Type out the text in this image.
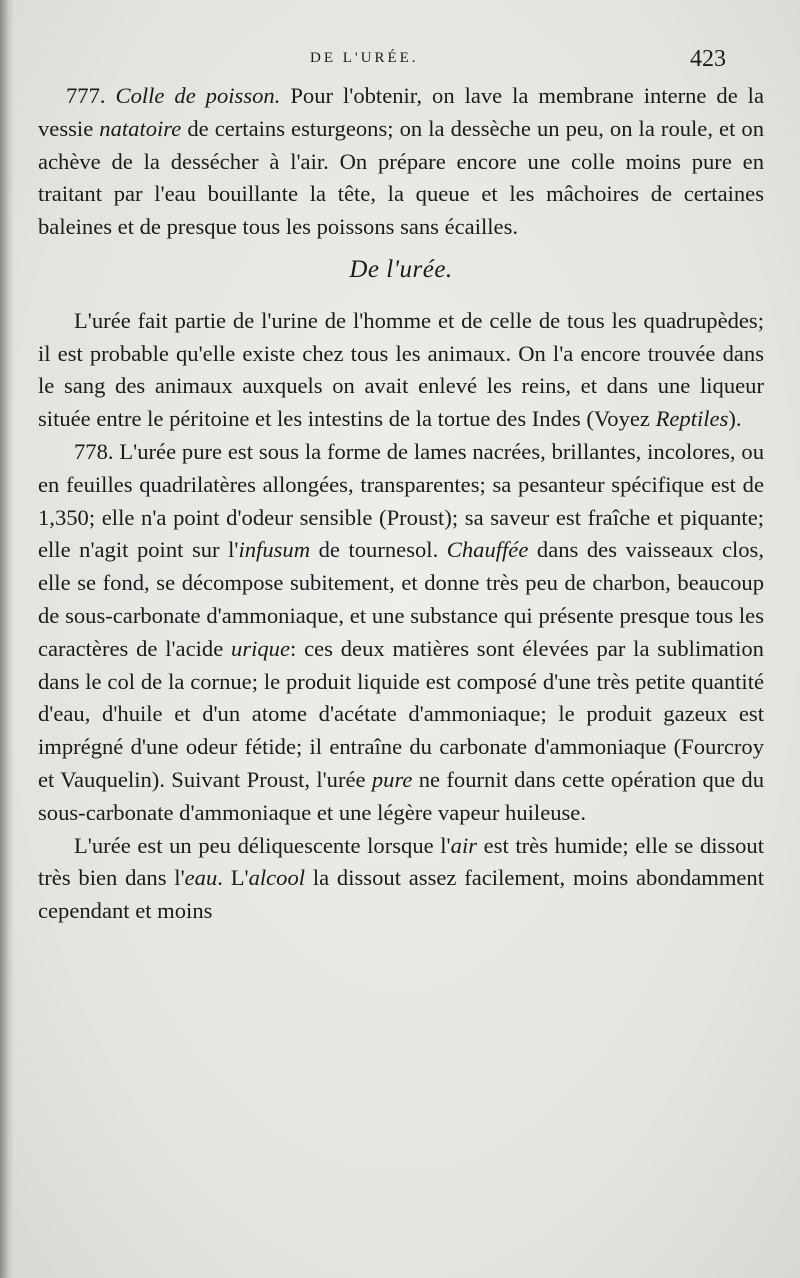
DE L'URÉE.	423

777. Colle de poisson. Pour l'obtenir, on lave la membrane interne de la vessie natatoire de certains esturgeons; on la dessèche un peu, on la roule, et on achève de la dessécher à l'air. On prépare encore une colle moins pure en traitant par l'eau bouillante la tête, la queue et les mâchoires de certaines baleines et de presque tous les poissons sans écailles.

De l'urée.

L'urée fait partie de l'urine de l'homme et de celle de tous les quadrupèdes; il est probable qu'elle existe chez tous les animaux. On l'a encore trouvée dans le sang des animaux auxquels on avait enlevé les reins, et dans une liqueur située entre le péritoine et les intestins de la tortue des Indes (Voyez Reptiles).

778. L'urée pure est sous la forme de lames nacrées, brillantes, incolores, ou en feuilles quadrilatères allongées, transparentes; sa pesanteur spécifique est de 1,350; elle n'a point d'odeur sensible (Proust); sa saveur est fraîche et piquante; elle n'agit point sur l'infusum de tournesol. Chauffée dans des vaisseaux clos, elle se fond, se décompose subitement, et donne très peu de charbon, beaucoup de sous-carbonate d'ammoniaque, et une substance qui présente presque tous les caractères de l'acide urique: ces deux matières sont élevées par la sublimation dans le col de la cornue; le produit liquide est composé d'une très petite quantité d'eau, d'huile et d'un atome d'acétate d'ammoniaque; le produit gazeux est imprégné d'une odeur fétide; il entraîne du carbonate d'ammoniaque (Fourcroy et Vauquelin). Suivant Proust, l'urée pure ne fournit dans cette opération que du sous-carbonate d'ammoniaque et une légère vapeur huileuse.

L'urée est un peu déliquescente lorsque l'air est très humide; elle se dissout très bien dans l'eau. L'alcool la dissout assez facilement, moins abondamment cependant et moins
